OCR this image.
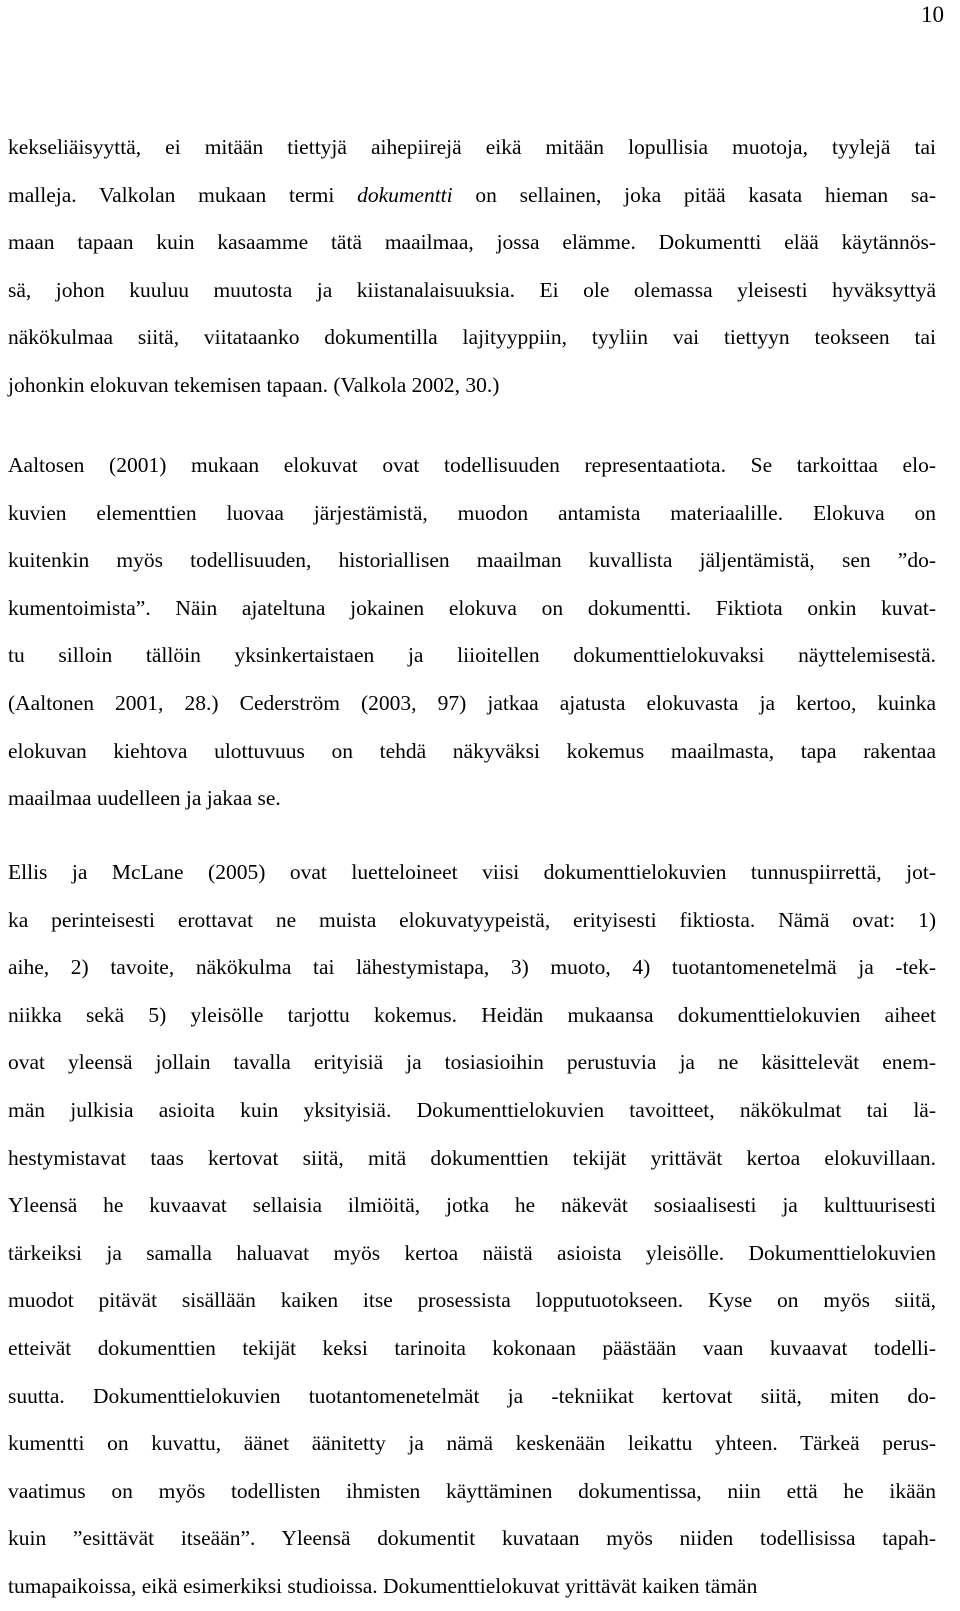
10
kekseliäisyyttä, ei mitään tiettyjä aihepiirejä eikä mitään lopullisia muotoja, tyylejä tai
malleja. Valkolan mukaan termi dokumentti on sellainen, joka pitää kasata hieman sa-
maan tapaan kuin kasaamme tätä maailmaa, jossa elämme. Dokumentti elää käytännös-
sä, johon kuuluu muutosta ja kiistanalaisuuksia. Ei ole olemassa yleisesti hyväksyttyä
näkökulmaa siitä, viitataanko dokumentilla lajityyppiin, tyyliin vai tiettyyn teokseen tai
johonkin elokuvan tekemisen tapaan. (Valkola 2002, 30.)
Aaltosen (2001) mukaan elokuvat ovat todellisuuden representaatiota. Se tarkoittaa elo-
kuvien elementtien luovaa järjestämistä, muodon antamista materiaalille. Elokuva on
kuitenkin myös todellisuuden, historiallisen maailman kuvallista jäljentämistä, sen ”do-
kumentoimista”. Näin ajateltuna jokainen elokuva on dokumentti. Fiktiota onkin kuvat-
tu silloin tällöin yksinkertaistaen ja liioitellen dokumenttielokuvaksi näyttelemisestä.
(Aaltonen 2001, 28.) Cederström (2003, 97) jatkaa ajatusta elokuvasta ja kertoo, kuinka
elokuvan kiehtova ulottuvuus on tehdä näkyväksi kokemus maailmasta, tapa rakentaa
maailmaa uudelleen ja jakaa se.
Ellis ja McLane (2005) ovat luetteloineet viisi dokumenttielokuvien tunnuspiirrettä, jot-
ka perinteisesti erottavat ne muista elokuvatyypeistä, erityisesti fiktiosta. Nämä ovat: 1)
aihe, 2) tavoite, näkökulma tai lähestymistapa, 3) muoto, 4) tuotantomenetelmä ja -tek-
niikka sekä 5) yleisölle tarjottu kokemus. Heidän mukaansa dokumenttielokuvien aiheet
ovat yleensä jollain tavalla erityisiä ja tosiasioihin perustuvia ja ne käsittelevät enem-
män julkisia asioita kuin yksityisiä. Dokumenttielokuvien tavoitteet, näkökulmat tai lä-
hestymistavat taas kertovat siitä, mitä dokumenttien tekijät yrittävät kertoa elokuvillaan.
Yleensä he kuvaavat sellaisia ilmiöitä, jotka he näkevät sosiaalisesti ja kulttuurisesti
tärkeiksi ja samalla haluavat myös kertoa näistä asioista yleisölle. Dokumenttielokuvien
muodot pitävät sisällään kaiken itse prosessista lopputuotokseen. Kyse on myös siitä,
etteivät dokumenttien tekijät keksi tarinoita kokonaan päästään vaan kuvaavat todelli-
suutta. Dokumenttielokuvien tuotantomenetelmät ja -tekniikat kertovat siitä, miten do-
kumentti on kuvattu, äänet äänitetty ja nämä keskenään leikattu yhteen. Tärkeä perus-
vaatimus on myös todellisten ihmisten käyttäminen dokumentissa, niin että he ikään
kuin ”esittävät itseään”. Yleensä dokumentit kuvataan myös niiden todellisissa tapah-
tumapaikoissa, eikä esimerkiksi studioissa. Dokumenttielokuvat yrittävät kaiken tämän
